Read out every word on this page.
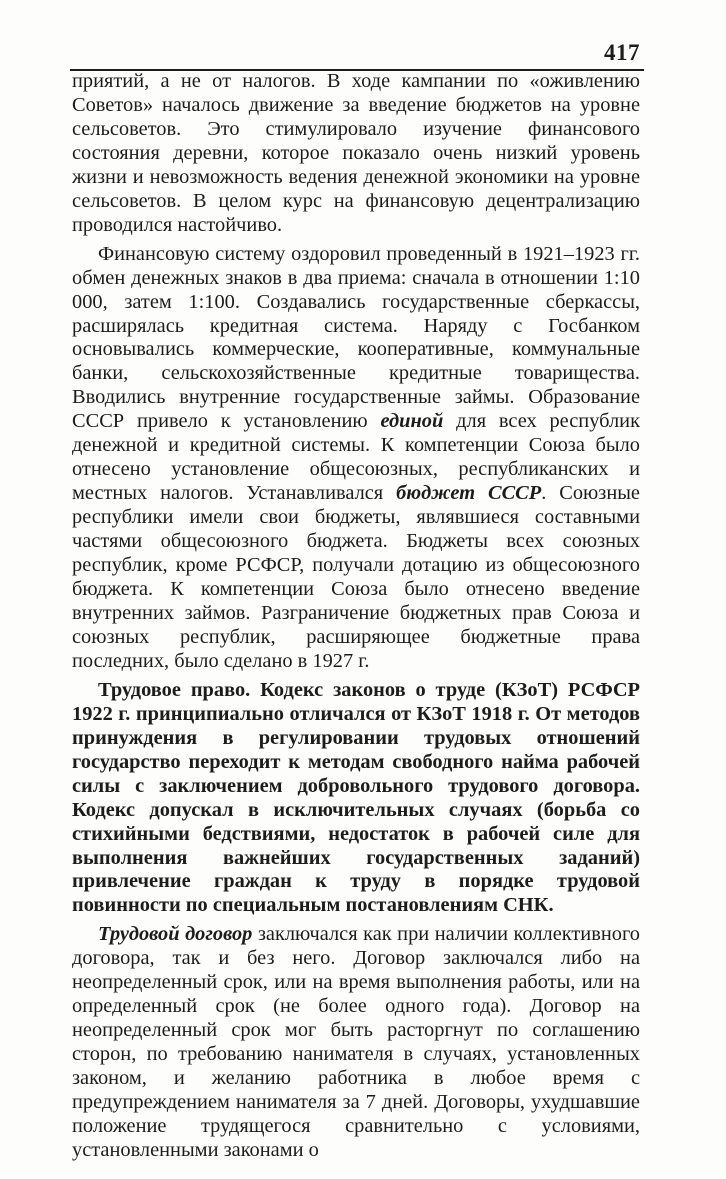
417

приятий, а не от налогов. В ходе кампании по «оживлению Советов» началось движение за введение бюджетов на уровне сельсоветов. Это стимулировало изучение финансового состояния деревни, которое показало очень низкий уровень жизни и невозможность ведения денежной экономики на уровне сельсоветов. В целом курс на финансовую децентрализацию проводился настойчиво.

Финансовую систему оздоровил проведенный в 1921–1923 гг. обмен денежных знаков в два приема: сначала в отношении 1:10 000, затем 1:100. Создавались государственные сберкассы, расширялась кредитная система. Наряду с Госбанком основывались коммерческие, кооперативные, коммунальные банки, сельскохозяйственные кредитные товарищества. Вводились внутренние государственные займы. Образование СССР привело к установлению единой для всех республик денежной и кредитной системы. К компетенции Союза было отнесено установление общесоюзных, республиканских и местных налогов. Устанавливался бюджет СССР. Союзные республики имели свои бюджеты, являвшиеся составными частями общесоюзного бюджета. Бюджеты всех союзных республик, кроме РСФСР, получали дотацию из общесоюзного бюджета. К компетенции Союза было отнесено введение внутренних займов. Разграничение бюджетных прав Союза и союзных республик, расширяющее бюджетные права последних, было сделано в 1927 г.

Трудовое право. Кодекс законов о труде (КЗоТ) РСФСР 1922 г. принципиально отличался от КЗоТ 1918 г. От методов принуждения в регулировании трудовых отношений государство переходит к методам свободного найма рабочей силы с заключением добровольного трудового договора. Кодекс допускал в исключительных случаях (борьба со стихийными бедствиями, недостаток в рабочей силе для выполнения важнейших государственных заданий) привлечение граждан к труду в порядке трудовой повинности по специальным постановлениям СНК.

Трудовой договор заключался как при наличии коллективного договора, так и без него. Договор заключался либо на неопределенный срок, или на время выполнения работы, или на определенный срок (не более одного года). Договор на неопределенный срок мог быть расторгнут по соглашению сторон, по требованию нанимателя в случаях, установленных законом, и желанию работника в любое время с предупреждением нанимателя за 7 дней. Договоры, ухудшавшие положение трудящегося сравнительно с условиями, установленными законами о
